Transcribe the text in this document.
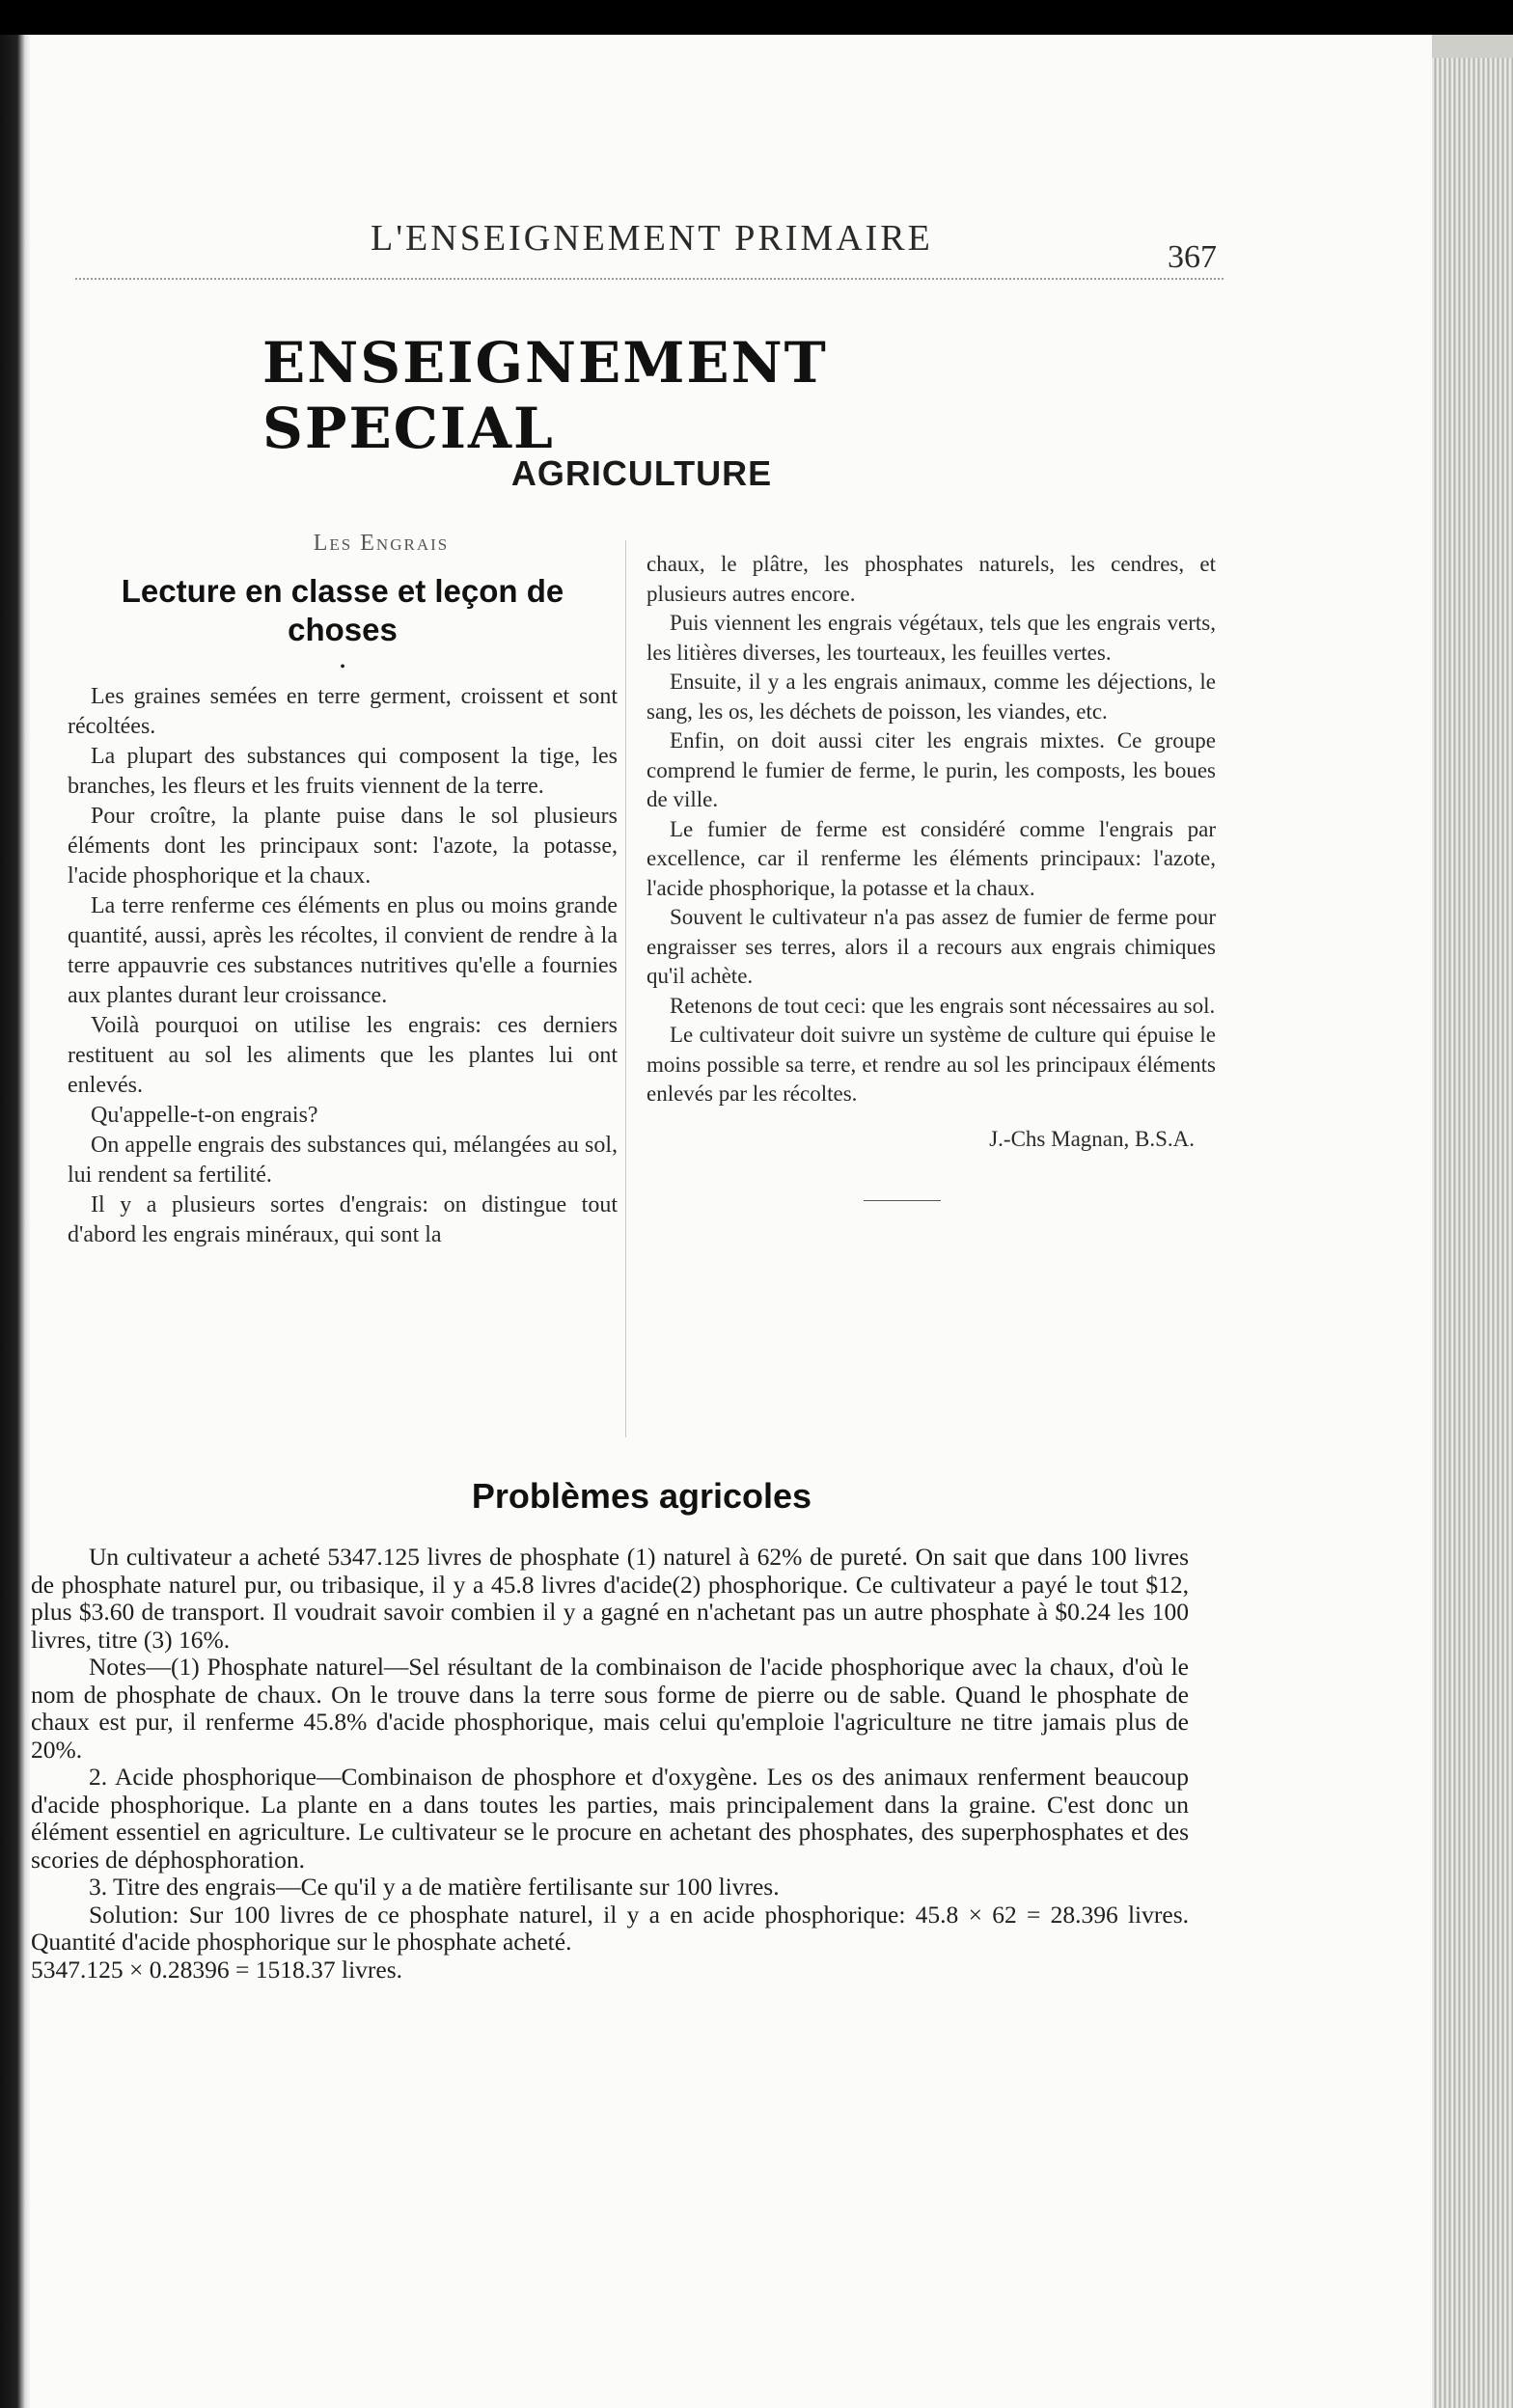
L'ENSEIGNEMENT PRIMAIRE	367
ENSEIGNEMENT SPECIAL
AGRICULTURE
Les Engrais
Lecture en classe et leçon de choses
•

Les graines semées en terre germent, croissent et sont récoltées.

La plupart des substances qui composent la tige, les branches, les fleurs et les fruits viennent de la terre.

Pour croître, la plante puise dans le sol plusieurs éléments dont les principaux sont: l'azote, la potasse, l'acide phosphorique et la chaux.

La terre renferme ces éléments en plus ou moins grande quantité, aussi, après les récoltes, il convient de rendre à la terre appauvrie ces substances nutritives qu'elle a fournies aux plantes durant leur croissance.

Voilà pourquoi on utilise les engrais: ces derniers restituent au sol les aliments que les plantes lui ont enlevés.

Qu'appelle-t-on engrais?

On appelle engrais des substances qui, mélangées au sol, lui rendent sa fertilité.

Il y a plusieurs sortes d'engrais: on distingue tout d'abord les engrais minéraux, qui sont la

chaux, le plâtre, les phosphates naturels, les cendres, et plusieurs autres encore.

Puis viennent les engrais végétaux, tels que les engrais verts, les litières diverses, les tourteaux, les feuilles vertes.

Ensuite, il y a les engrais animaux, comme les déjections, le sang, les os, les déchets de poisson, les viandes, etc.

Enfin, on doit aussi citer les engrais mixtes. Ce groupe comprend le fumier de ferme, le purin, les composts, les boues de ville.

Le fumier de ferme est considéré comme l'engrais par excellence, car il renferme les éléments principaux: l'azote, l'acide phosphorique, la potasse et la chaux.

Souvent le cultivateur n'a pas assez de fumier de ferme pour engraisser ses terres, alors il a recours aux engrais chimiques qu'il achète.

Retenons de tout ceci: que les engrais sont nécessaires au sol.

Le cultivateur doit suivre un système de culture qui épuise le moins possible sa terre, et rendre au sol les principaux éléments enlevés par les récoltes.

J.-Chs Magnan, B.S.A.
Problèmes agricoles

Un cultivateur a acheté 5347.125 livres de phosphate (1) naturel à 62% de pureté. On sait que dans 100 livres de phosphate naturel pur, ou tribasique, il y a 45.8 livres d'acide(2) phosphorique. Ce cultivateur a payé le tout $12, plus $3.60 de transport. Il voudrait savoir combien il y a gagné en n'achetant pas un autre phosphate à $0.24 les 100 livres, titre (3) 16%.

Notes—(1) Phosphate naturel—Sel résultant de la combinaison de l'acide phosphorique avec la chaux, d'où le nom de phosphate de chaux. On le trouve dans la terre sous forme de pierre ou de sable. Quand le phosphate de chaux est pur, il renferme 45.8% d'acide phosphorique, mais celui qu'emploie l'agriculture ne titre jamais plus de 20%.

2. Acide phosphorique—Combinaison de phosphore et d'oxygène. Les os des animaux renferment beaucoup d'acide phosphorique. La plante en a dans toutes les parties, mais principalement dans la graine. C'est donc un élément essentiel en agriculture. Le cultivateur se le procure en achetant des phosphates, des superphosphates et des scories de déphosphoration.

3. Titre des engrais—Ce qu'il y a de matière fertilisante sur 100 livres.

Solution: Sur 100 livres de ce phosphate naturel, il y a en acide phosphorique: 45.8 × 62 = 28.396 livres. Quantité d'acide phosphorique sur le phosphate acheté.

5347.125 × 0.28396 = 1518.37 livres.
